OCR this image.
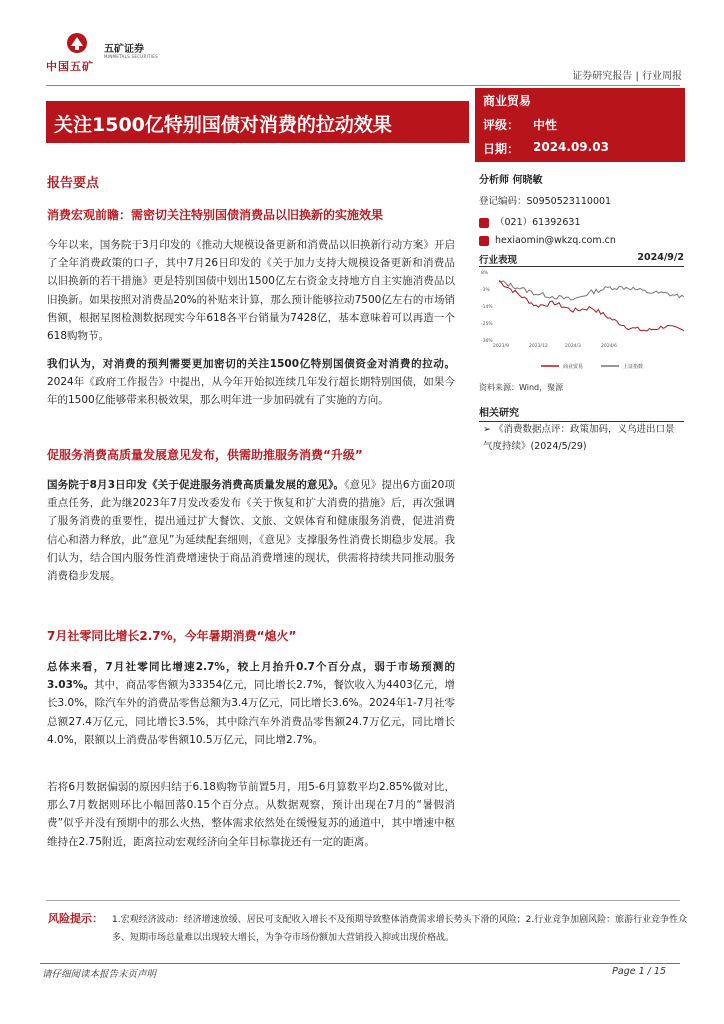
中国五矿
五矿证券
MINMETALS SECURITIES
证券研究报告 | 行业周报
关注1500亿特别国债对消费的拉动效果
商业贸易
评级： 中性
日期： 2024.09.03
分析师 何晓敏
登记编码：S0950523110001
（021）61392631
hexiaomin@wkzq.com.cn
行业表现	2024/9/2
8%
-3%
-14%
-25%
-36%
2023/9	2023/12	2024/3	2024/6
商业贸易	上证指数
资料来源：Wind，聚源
相关研究
➢ 《消费数据点评：政策加码，义乌进出口景气度持续》(2024/5/29)
报告要点
消费宏观前瞻：需密切关注特别国债消费品以旧换新的实施效果
今年以来，国务院于3月印发的《推动大规模设备更新和消费品以旧换新行动方案》开启了全年消费政策的口子，其中7月26日印发的《关于加力支持大规模设备更新和消费品以旧换新的若干措施》更是特别国债中划出1500亿左右资金支持地方自主实施消费品以旧换新。如果按照对消费品20%的补贴来计算，那么预计能够拉动7500亿左右的市场销售额，根据星图检测数据现实今年618各平台销量为7428亿，基本意味着可以再造一个618购物节。
我们认为，对消费的预判需要更加密切的关注1500亿特别国债资金对消费的拉动。2024年《政府工作报告》中提出，从今年开始拟连续几年发行超长期特别国债，如果今年的1500亿能够带来积极效果，那么明年进一步加码就有了实施的方向。
促服务消费高质量发展意见发布，供需助推服务消费“升级”
国务院于8月3日印发《关于促进服务消费高质量发展的意见》。《意见》提出6方面20项重点任务，此为继2023年7月发改委发布《关于恢复和扩大消费的措施》后，再次强调了服务消费的重要性，提出通过扩大餐饮、文旅、文娱体育和健康服务消费，促进消费信心和潜力释放，此“意见”为延续配套细则，《意见》支撑服务性消费长期稳步发展。我们认为，结合国内服务性消费增速快于商品消费增速的现状，供需将持续共同推动服务消费稳步发展。
7月社零同比增长2.7%，今年暑期消费“熄火”
总体来看，7月社零同比增速2.7%，较上月抬升0.7个百分点，弱于市场预测的3.03%。其中，商品零售额为33354亿元，同比增长2.7%，餐饮收入为4403亿元，增长3.0%，除汽车外的消费品零售总额为3.4万亿元，同比增长3.6%。2024年1-7月社零总额27.4万亿元，同比增长3.5%，其中除汽车外消费品零售额24.7万亿元，同比增长4.0%，限额以上消费品零售额10.5万亿元，同比增2.7%。
若将6月数据偏弱的原因归结于6.18购物节前置5月，用5-6月算数平均2.85%做对比，那么7月数据则环比小幅回落0.15个百分点。从数据观察，预计出现在7月的“暑假消费”似乎并没有预期中的那么火热，整体需求依然处在缓慢复苏的通道中，其中增速中枢维持在2.75附近，距离拉动宏观经济向全年目标靠拢还有一定的距离。
风险提示： 1.宏观经济波动：经济增速放缓、居民可支配收入增长不及预期导致整体消费需求增长势头下滑的风险；2.行业竞争加剧风险：旅游行业竞争性众多、短期市场总量难以出现较大增长，为争夺市场份额加大营销投入抑或出现价格战。
请仔细阅读本报告末页声明	Page 1 / 15
